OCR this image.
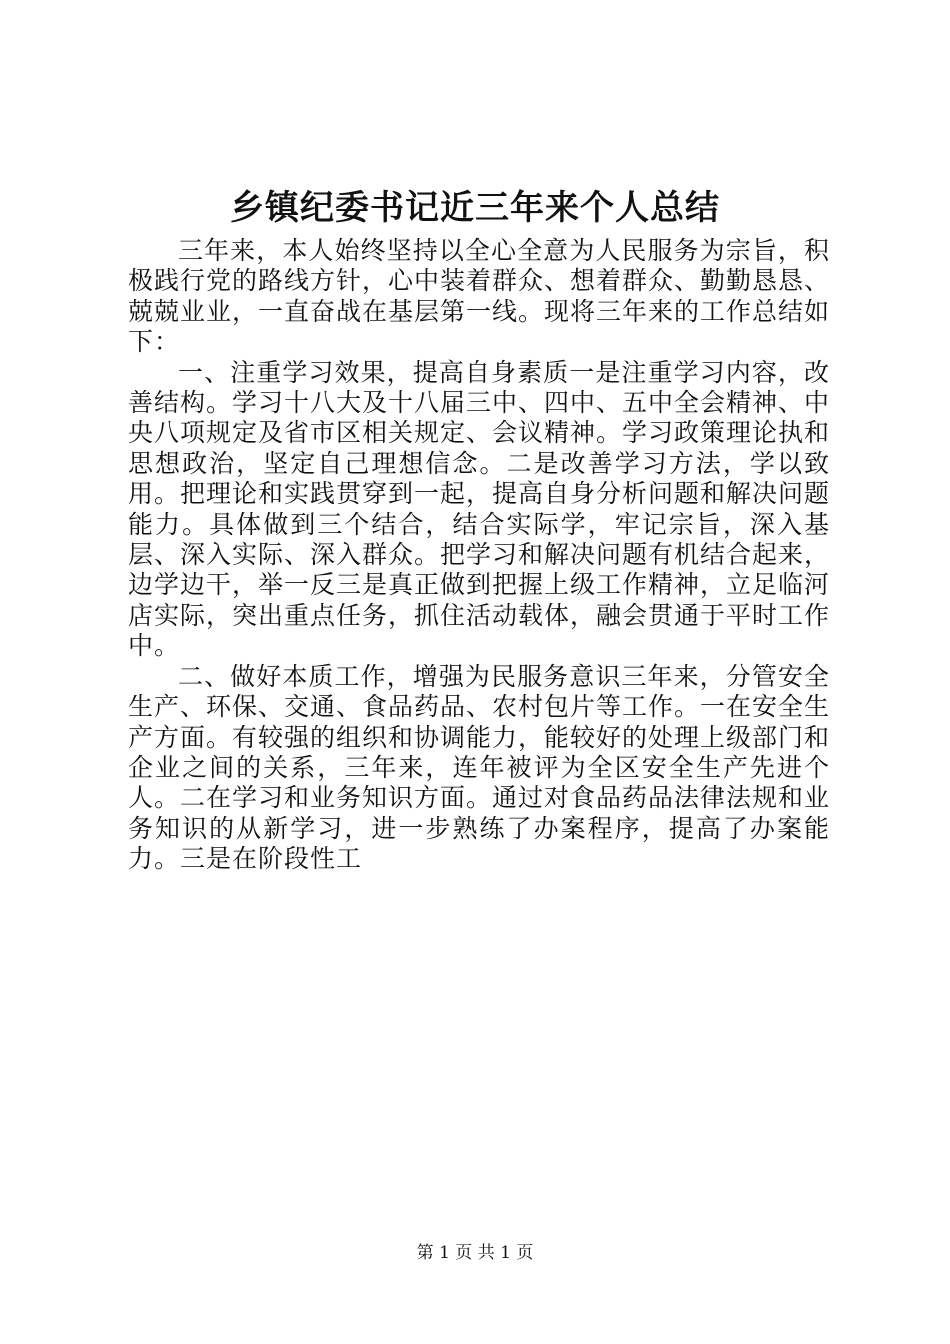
乡镇纪委书记近三年来个人总结

三年来，本人始终坚持以全心全意为人民服务为宗旨，积极践行党的路线方针，心中装着群众、想着群众、勤勤恳恳、兢兢业业，一直奋战在基层第一线。现将三年来的工作总结如下：

一、注重学习效果，提高自身素质一是注重学习内容，改善结构。学习十八大及十八届三中、四中、五中全会精神、中央八项规定及省市区相关规定、会议精神。学习政策理论执和思想政治，坚定自己理想信念。二是改善学习方法，学以致用。把理论和实践贯穿到一起，提高自身分析问题和解决问题能力。具体做到三个结合，结合实际学，牢记宗旨，深入基层、深入实际、深入群众。把学习和解决问题有机结合起来，边学边干，举一反三是真正做到把握上级工作精神，立足临河店实际，突出重点任务，抓住活动载体，融会贯通于平时工作中。

二、做好本质工作，增强为民服务意识三年来，分管安全生产、环保、交通、食品药品、农村包片等工作。一在安全生产方面。有较强的组织和协调能力，能较好的处理上级部门和企业之间的关系，三年来，连年被评为全区安全生产先进个人。二在学习和业务知识方面。通过对食品药品法律法规和业务知识的从新学习，进一步熟练了办案程序，提高了办案能力。三是在阶段性工

第 1 页 共 1 页
